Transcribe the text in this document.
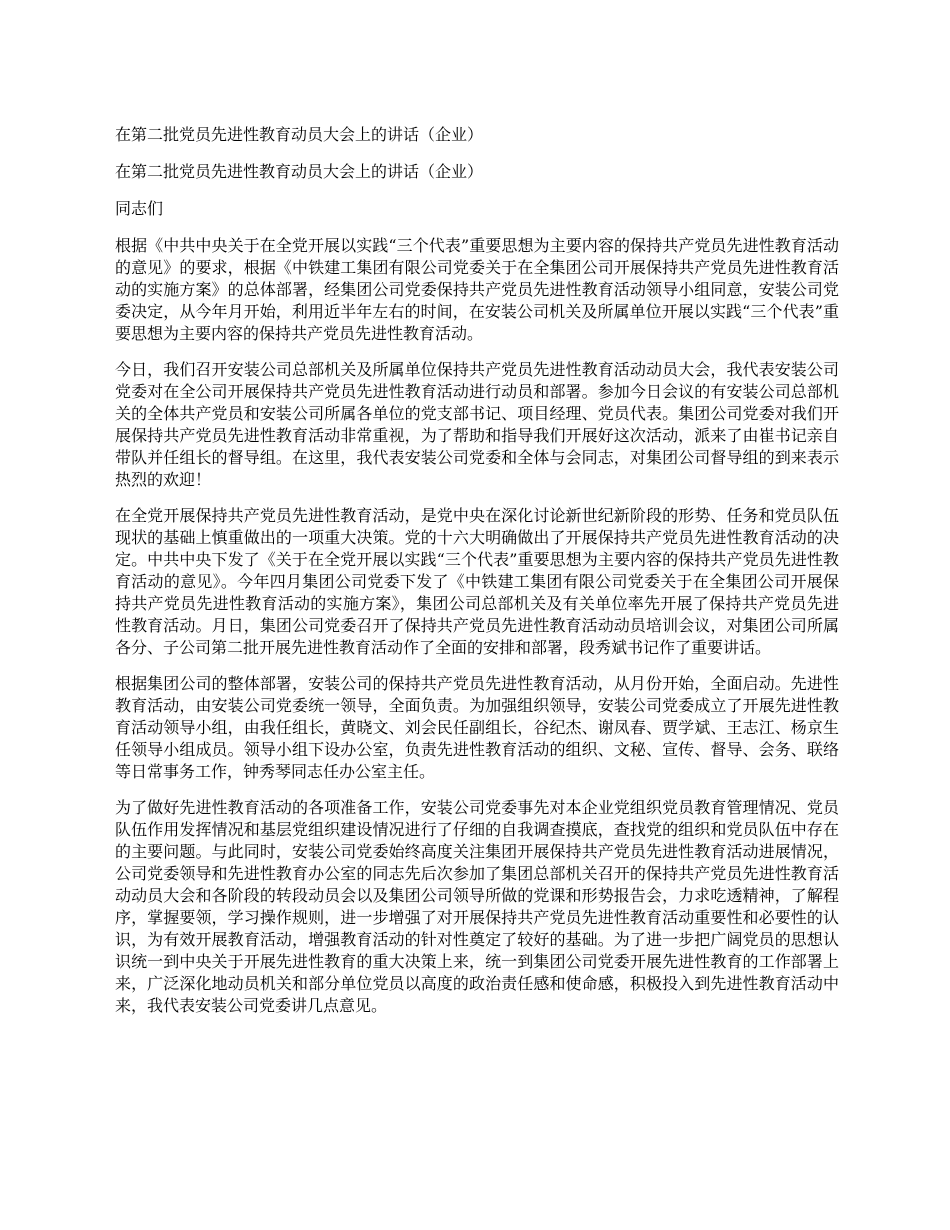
在第二批党员先进性教育动员大会上的讲话（企业）
在第二批党员先进性教育动员大会上的讲话（企业）
同志们

根据《中共中央关于在全党开展以实践“三个代表”重要思想为主要内容的保持共产党员先进性教育活动的意见》的要求，根据《中铁建工集团有限公司党委关于在全集团公司开展保持共产党员先进性教育活动的实施方案》的总体部署，经集团公司党委保持共产党员先进性教育活动领导小组同意，安装公司党委决定，从今年月开始，利用近半年左右的时间，在安装公司机关及所属单位开展以实践“三个代表”重要思想为主要内容的保持共产党员先进性教育活动。

今日，我们召开安装公司总部机关及所属单位保持共产党员先进性教育活动动员大会，我代表安装公司党委对在全公司开展保持共产党员先进性教育活动进行动员和部署。参加今日会议的有安装公司总部机关的全体共产党员和安装公司所属各单位的党支部书记、项目经理、党员代表。集团公司党委对我们开展保持共产党员先进性教育活动非常重视，为了帮助和指导我们开展好这次活动，派来了由崔书记亲自带队并任组长的督导组。在这里，我代表安装公司党委和全体与会同志，对集团公司督导组的到来表示热烈的欢迎！

在全党开展保持共产党员先进性教育活动，是党中央在深化讨论新世纪新阶段的形势、任务和党员队伍现状的基础上慎重做出的一项重大决策。党的十六大明确做出了开展保持共产党员先进性教育活动的决定。中共中央下发了《关于在全党开展以实践“三个代表”重要思想为主要内容的保持共产党员先进性教育活动的意见》。今年四月集团公司党委下发了《中铁建工集团有限公司党委关于在全集团公司开展保持共产党员先进性教育活动的实施方案》，集团公司总部机关及有关单位率先开展了保持共产党员先进性教育活动。月日，集团公司党委召开了保持共产党员先进性教育活动动员培训会议，对集团公司所属各分、子公司第二批开展先进性教育活动作了全面的安排和部署，段秀斌书记作了重要讲话。

根据集团公司的整体部署，安装公司的保持共产党员先进性教育活动，从月份开始，全面启动。先进性教育活动，由安装公司党委统一领导，全面负责。为加强组织领导，安装公司党委成立了开展先进性教育活动领导小组，由我任组长，黄晓文、刘会民任副组长，谷纪杰、谢凤春、贾学斌、王志江、杨京生任领导小组成员。领导小组下设办公室，负责先进性教育活动的组织、文秘、宣传、督导、会务、联络等日常事务工作，钟秀琴同志任办公室主任。

为了做好先进性教育活动的各项准备工作，安装公司党委事先对本企业党组织党员教育管理情况、党员队伍作用发挥情况和基层党组织建设情况进行了仔细的自我调查摸底，查找党的组织和党员队伍中存在的主要问题。与此同时，安装公司党委始终高度关注集团开展保持共产党员先进性教育活动进展情况，公司党委领导和先进性教育办公室的同志先后次参加了集团总部机关召开的保持共产党员先进性教育活动动员大会和各阶段的转段动员会以及集团公司领导所做的党课和形势报告会，力求吃透精神，了解程序，掌握要领，学习操作规则，进一步增强了对开展保持共产党员先进性教育活动重要性和必要性的认识，为有效开展教育活动，增强教育活动的针对性奠定了较好的基础。为了进一步把广阔党员的思想认识统一到中央关于开展先进性教育的重大决策上来，统一到集团公司党委开展先进性教育的工作部署上来，广泛深化地动员机关和部分单位党员以高度的政治责任感和使命感，积极投入到先进性教育活动中来，我代表安装公司党委讲几点意见。
